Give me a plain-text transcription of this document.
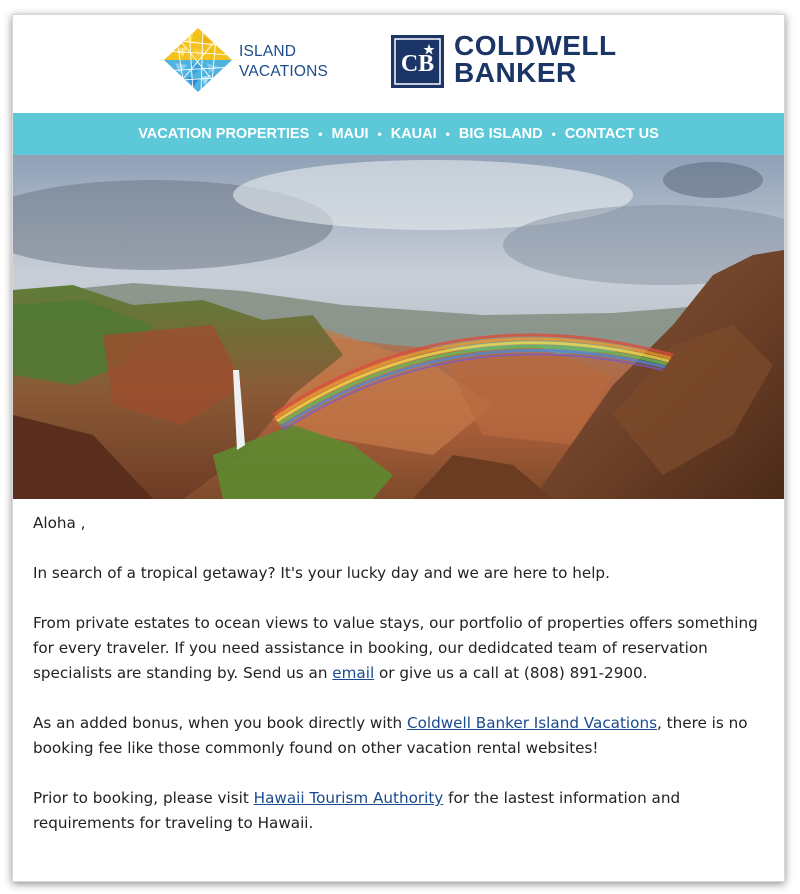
ISLAND
VACATIONS	CB
COLDWELL
BANKER
VACATION PROPERTIES • MAUI • KAUAI • BIG ISLAND • CONTACT US

Aloha ,

In search of a tropical getaway? It's your lucky day and we are here to help.

From private estates to ocean views to value stays, our portfolio of properties offers something for every traveler. If you need assistance in booking, our dedidcated team of reservation specialists are standing by. Send us an email or give us a call at (808) 891-2900.

As an added bonus, when you book directly with Coldwell Banker Island Vacations, there is no booking fee like those commonly found on other vacation rental websites!

Prior to booking, please visit Hawaii Tourism Authority for the lastest information and requirements for traveling to Hawaii.
